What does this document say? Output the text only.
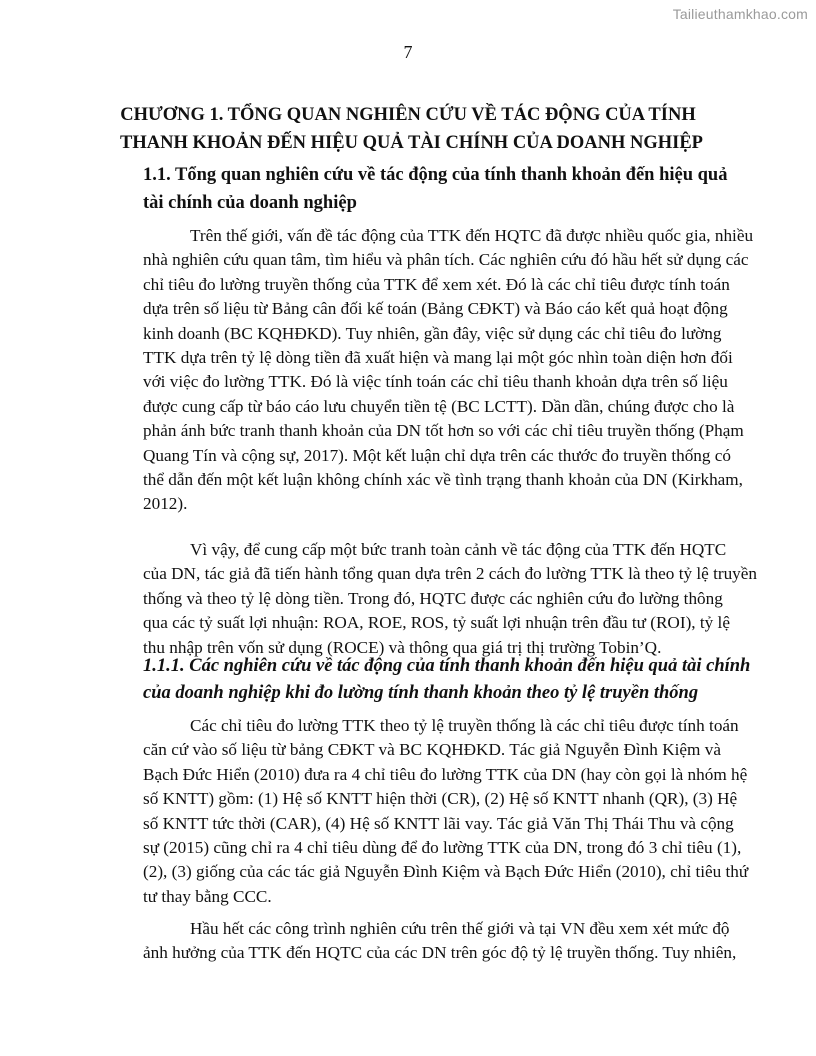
Tailieuthamkhao.com
7
CHƯƠNG 1. TỔNG QUAN NGHIÊN CỨU VỀ TÁC ĐỘNG CỦA TÍNH
THANH KHOẢN ĐẾN HIỆU QUẢ TÀI CHÍNH CỦA DOANH NGHIỆP
1.1. Tổng quan nghiên cứu về tác động của tính thanh khoản đến hiệu quả
tài chính của doanh nghiệp
Trên thế giới, vấn đề tác động của TTK đến HQTC đã được nhiều quốc gia, nhiều
nhà nghiên cứu quan tâm, tìm hiểu và phân tích. Các nghiên cứu đó hầu hết sử dụng các
chỉ tiêu đo lường truyền thống của TTK để xem xét. Đó là các chỉ tiêu được tính toán
dựa trên số liệu từ Bảng cân đối kế toán (Bảng CĐKT) và Báo cáo kết quả hoạt động
kinh doanh (BC KQHĐKD). Tuy nhiên, gần đây, việc sử dụng các chỉ tiêu đo lường
TTK dựa trên tỷ lệ dòng tiền đã xuất hiện và mang lại một góc nhìn toàn diện hơn đối
với việc đo lường TTK. Đó là việc tính toán các chỉ tiêu thanh khoản dựa trên số liệu
được cung cấp từ báo cáo lưu chuyển tiền tệ (BC LCTT). Dần dần, chúng được cho là
phản ánh bức tranh thanh khoản của DN tốt hơn so với các chỉ tiêu truyền thống (Phạm
Quang Tín và cộng sự, 2017). Một kết luận chỉ dựa trên các thước đo truyền thống có
thể dẫn đến một kết luận không chính xác về tình trạng thanh khoản của DN (Kirkham,
2012).
Vì vậy, để cung cấp một bức tranh toàn cảnh về tác động của TTK đến HQTC
của DN, tác giả đã tiến hành tổng quan dựa trên 2 cách đo lường TTK là theo tỷ lệ truyền
thống và theo tỷ lệ dòng tiền. Trong đó, HQTC được các nghiên cứu đo lường thông
qua các tỷ suất lợi nhuận: ROA, ROE, ROS, tỷ suất lợi nhuận trên đầu tư (ROI), tỷ lệ
thu nhập trên vốn sử dụng (ROCE) và thông qua giá trị thị trường Tobin’Q.
1.1.1. Các nghiên cứu về tác động của tính thanh khoản đến hiệu quả tài chính
của doanh nghiệp khi đo lường tính thanh khoản theo tỷ lệ truyền thống
Các chỉ tiêu đo lường TTK theo tỷ lệ truyền thống là các chỉ tiêu được tính toán
căn cứ vào số liệu từ bảng CĐKT và BC KQHĐKD. Tác giả Nguyễn Đình Kiệm và
Bạch Đức Hiển (2010) đưa ra 4 chỉ tiêu đo lường TTK của DN (hay còn gọi là nhóm hệ
số KNTT) gồm: (1) Hệ số KNTT hiện thời (CR), (2) Hệ số KNTT nhanh (QR), (3) Hệ
số KNTT tức thời (CAR), (4) Hệ số KNTT lãi vay. Tác giả Văn Thị Thái Thu và cộng
sự (2015) cũng chỉ ra 4 chỉ tiêu dùng để đo lường TTK của DN, trong đó 3 chỉ tiêu (1),
(2), (3) giống của các tác giả Nguyễn Đình Kiệm và Bạch Đức Hiển (2010), chỉ tiêu thứ
tư thay bằng CCC.
Hầu hết các công trình nghiên cứu trên thế giới và tại VN đều xem xét mức độ
ảnh hưởng của TTK đến HQTC của các DN trên góc độ tỷ lệ truyền thống. Tuy nhiên,
